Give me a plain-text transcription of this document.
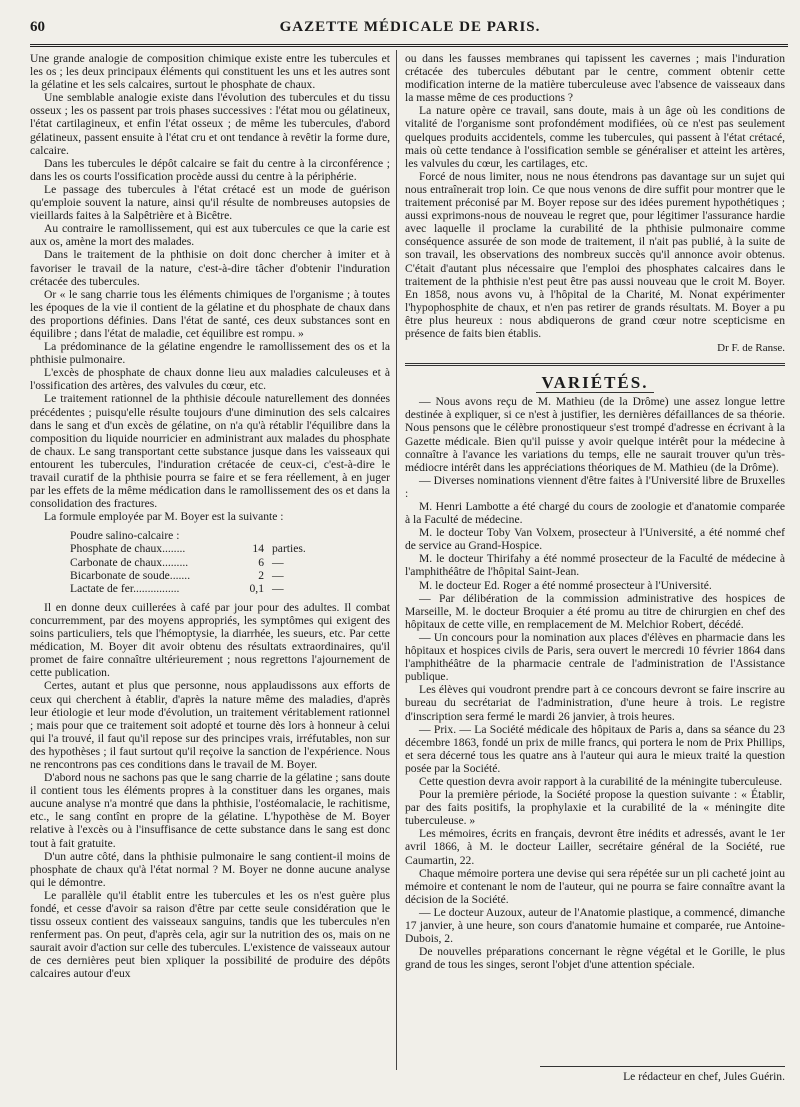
60	GAZETTE MÉDICALE DE PARIS.

Une grande analogie de composition chimique existe entre les tubercules et les os ; les deux principaux éléments qui constituent les uns et les autres sont la gélatine et les sels calcaires, surtout le phosphate de chaux.

Une semblable analogie existe dans l'évolution des tubercules et du tissu osseux ; les os passent par trois phases successives : l'état mou ou gélatineux, l'état cartilagineux, et enfin l'état osseux ; de même les tubercules, d'abord gélatineux, passent ensuite à l'état cru et ont tendance à revêtir la forme dure, calcaire.

Dans les tubercules le dépôt calcaire se fait du centre à la circonférence ; dans les os courts l'ossification procède aussi du centre à la périphérie.

Le passage des tubercules à l'état crétacé est un mode de guérison qu'emploie souvent la nature, ainsi qu'il résulte de nombreuses autopsies de vieillards faites à la Salpêtrière et à Bicêtre.

Au contraire le ramollissement, qui est aux tubercules ce que la carie est aux os, amène la mort des malades.

Dans le traitement de la phthisie on doit donc chercher à imiter et à favoriser le travail de la nature, c'est-à-dire tâcher d'obtenir l'induration crétacée des tubercules.

Or « le sang charrie tous les éléments chimiques de l'organisme ; à toutes les époques de la vie il contient de la gélatine et du phosphate de chaux dans des proportions définies. Dans l'état de santé, ces deux substances sont en équilibre ; dans l'état de maladie, cet équilibre est rompu. »

La prédominance de la gélatine engendre le ramollissement des os et la phthisie pulmonaire.

L'excès de phosphate de chaux donne lieu aux maladies calculeuses et à l'ossification des artères, des valvules du cœur, etc.

Le traitement rationnel de la phthisie découle naturellement des données précédentes ; puisqu'elle résulte toujours d'une diminution des sels calcaires dans le sang et d'un excès de gélatine, on n'a qu'à rétablir l'équilibre dans la composition du liquide nourricier en administrant aux malades du phosphate de chaux. Le sang transportant cette substance jusque dans les vaisseaux qui entourent les tubercules, l'induration crétacée de ceux-ci, c'est-à-dire le travail curatif de la phthisie pourra se faire et se fera réellement, à en juger par les effets de la même médication dans le ramollissement des os et dans la consolidation des fractures.

La formule employée par M. Boyer est la suivante :

Poudre salino-calcaire :
Phosphate de chaux........	14 parties.
Carbonate de chaux.........	6 —
Bicarbonate de soude.......	2 —
Lactate de fer................	0,1 —

Il en donne deux cuillerées à café par jour pour des adultes. Il combat concurremment, par des moyens appropriés, les symptômes qui exigent des soins particuliers, tels que l'hémoptysie, la diarrhée, les sueurs, etc. Par cette médication, M. Boyer dit avoir obtenu des résultats extraordinaires, qu'il promet de faire connaître ultérieurement ; nous regrettons l'ajournement de cette publication.

Certes, autant et plus que personne, nous applaudissons aux efforts de ceux qui cherchent à établir, d'après la nature même des maladies, d'après leur étiologie et leur mode d'évolution, un traitement véritablement rationnel ; mais pour que ce traitement soit adopté et tourne dès lors à honneur à celui qui l'a trouvé, il faut qu'il repose sur des principes vrais, irréfutables, non sur des hypothèses ; il faut surtout qu'il reçoive la sanction de l'expérience. Nous ne rencontrons pas ces conditions dans le travail de M. Boyer.

D'abord nous ne sachons pas que le sang charrie de la gélatine ; sans doute il contient tous les éléments propres à la constituer dans les organes, mais aucune analyse n'a montré que dans la phthisie, l'ostéomalacie, le rachitisme, etc., le sang contînt en propre de la gélatine. L'hypothèse de M. Boyer relative à l'excès ou à l'insuffisance de cette substance dans le sang est donc tout à fait gratuite.

D'un autre côté, dans la phthisie pulmonaire le sang contient-il moins de phosphate de chaux qu'à l'état normal ? M. Boyer ne donne aucune analyse qui le démontre.

Le parallèle qu'il établit entre les tubercules et les os n'est guère plus fondé, et cesse d'avoir sa raison d'être par cette seule considération que le tissu osseux contient des vaisseaux sanguins, tandis que les tubercules n'en renferment pas. On peut, d'après cela, agir sur la nutrition des os, mais on ne saurait avoir d'action sur celle des tubercules. L'existence de vaisseaux autour de ces dernières peut bien xpliquer la possibilité de produire des dépôts calcaires autour d'eux

ou dans les fausses membranes qui tapissent les cavernes ; mais l'induration crétacée des tubercules débutant par le centre, comment obtenir cette modification interne de la matière tuberculeuse avec l'absence de vaisseaux dans la masse même de ces productions ?

La nature opère ce travail, sans doute, mais à un âge où les conditions de vitalité de l'organisme sont profondément modifiées, où ce n'est pas seulement quelques produits accidentels, comme les tubercules, qui passent à l'état crétacé, mais où cette tendance à l'ossification semble se généraliser et atteint les artères, les valvules du cœur, les cartilages, etc.

Forcé de nous limiter, nous ne nous étendrons pas davantage sur un sujet qui nous entraînerait trop loin. Ce que nous venons de dire suffit pour montrer que le traitement préconisé par M. Boyer repose sur des idées purement hypothétiques ; aussi exprimons-nous de nouveau le regret que, pour légitimer l'assurance hardie avec laquelle il proclame la curabilité de la phthisie pulmonaire comme conséquence assurée de son mode de traitement, il n'ait pas publié, à la suite de son travail, les observations des nombreux succès qu'il annonce avoir obtenus. C'était d'autant plus nécessaire que l'emploi des phosphates calcaires dans le traitement de la phthisie n'est peut être pas aussi nouveau que le croit M. Boyer. En 1858, nous avons vu, à l'hôpital de la Charité, M. Nonat expérimenter l'hypophosphite de chaux, et n'en pas retirer de grands résultats. M. Boyer a pu être plus heureux : nous abdiquerons de grand cœur notre scepticisme en présence de faits bien établis.

Dr F. de Ranse.
VARIÉTÉS.

— Nous avons reçu de M. Mathieu (de la Drôme) une assez longue lettre destinée à expliquer, si ce n'est à justifier, les dernières défaillances de sa théorie. Nous pensons que le célèbre pronostiqueur s'est trompé d'adresse en écrivant à la Gazette médicale. Bien qu'il puisse y avoir quelque intérêt pour la médecine à connaître à l'avance les variations du temps, elle ne saurait trouver qu'un très-médiocre intérêt dans les appréciations théoriques de M. Mathieu (de la Drôme).

— Diverses nominations viennent d'être faites à l'Université libre de Bruxelles :

M. Henri Lambotte a été chargé du cours de zoologie et d'anatomie comparée à la Faculté de médecine.

M. le docteur Toby Van Volxem, prosecteur à l'Université, a été nommé chef de service au Grand-Hospice.

M. le docteur Thirifahy a été nommé prosecteur de la Faculté de médecine à l'amphithéâtre de l'hôpital Saint-Jean.

M. le docteur Ed. Roger a été nommé prosecteur à l'Université.

— Par délibération de la commission administrative des hospices de Marseille, M. le docteur Broquier a été promu au titre de chirurgien en chef des hôpitaux de cette ville, en remplacement de M. Melchior Robert, décédé.

— Un concours pour la nomination aux places d'élèves en pharmacie dans les hôpitaux et hospices civils de Paris, sera ouvert le mercredi 10 février 1864 dans l'amphithéâtre de la pharmacie centrale de l'administration de l'Assistance publique.

Les élèves qui voudront prendre part à ce concours devront se faire inscrire au bureau du secrétariat de l'administration, d'une heure à trois. Le registre d'inscription sera fermé le mardi 26 janvier, à trois heures.

— Prix. — La Société médicale des hôpitaux de Paris a, dans sa séance du 23 décembre 1863, fondé un prix de mille francs, qui portera le nom de Prix Phillips, et sera décerné tous les quatre ans à l'auteur qui aura le mieux traité la question posée par la Société.

Cette question devra avoir rapport à la curabilité de la méningite tuberculeuse.

Pour la première période, la Société propose la question suivante : « Établir, par des faits positifs, la prophylaxie et la curabilité de la « méningite dite tuberculeuse. »

Les mémoires, écrits en français, devront être inédits et adressés, avant le 1er avril 1866, à M. le docteur Lailler, secrétaire général de la Société, rue Caumartin, 22.

Chaque mémoire portera une devise qui sera répétée sur un pli cacheté joint au mémoire et contenant le nom de l'auteur, qui ne pourra se faire connaître avant la décision de la Société.

— Le docteur Auzoux, auteur de l'Anatomie plastique, a commencé, dimanche 17 janvier, à une heure, son cours d'anatomie humaine et comparée, rue Antoine-Dubois, 2.

De nouvelles préparations concernant le règne végétal et le Gorille, le plus grand de tous les singes, seront l'objet d'une attention spéciale.

Le rédacteur en chef, Jules Guérin.
